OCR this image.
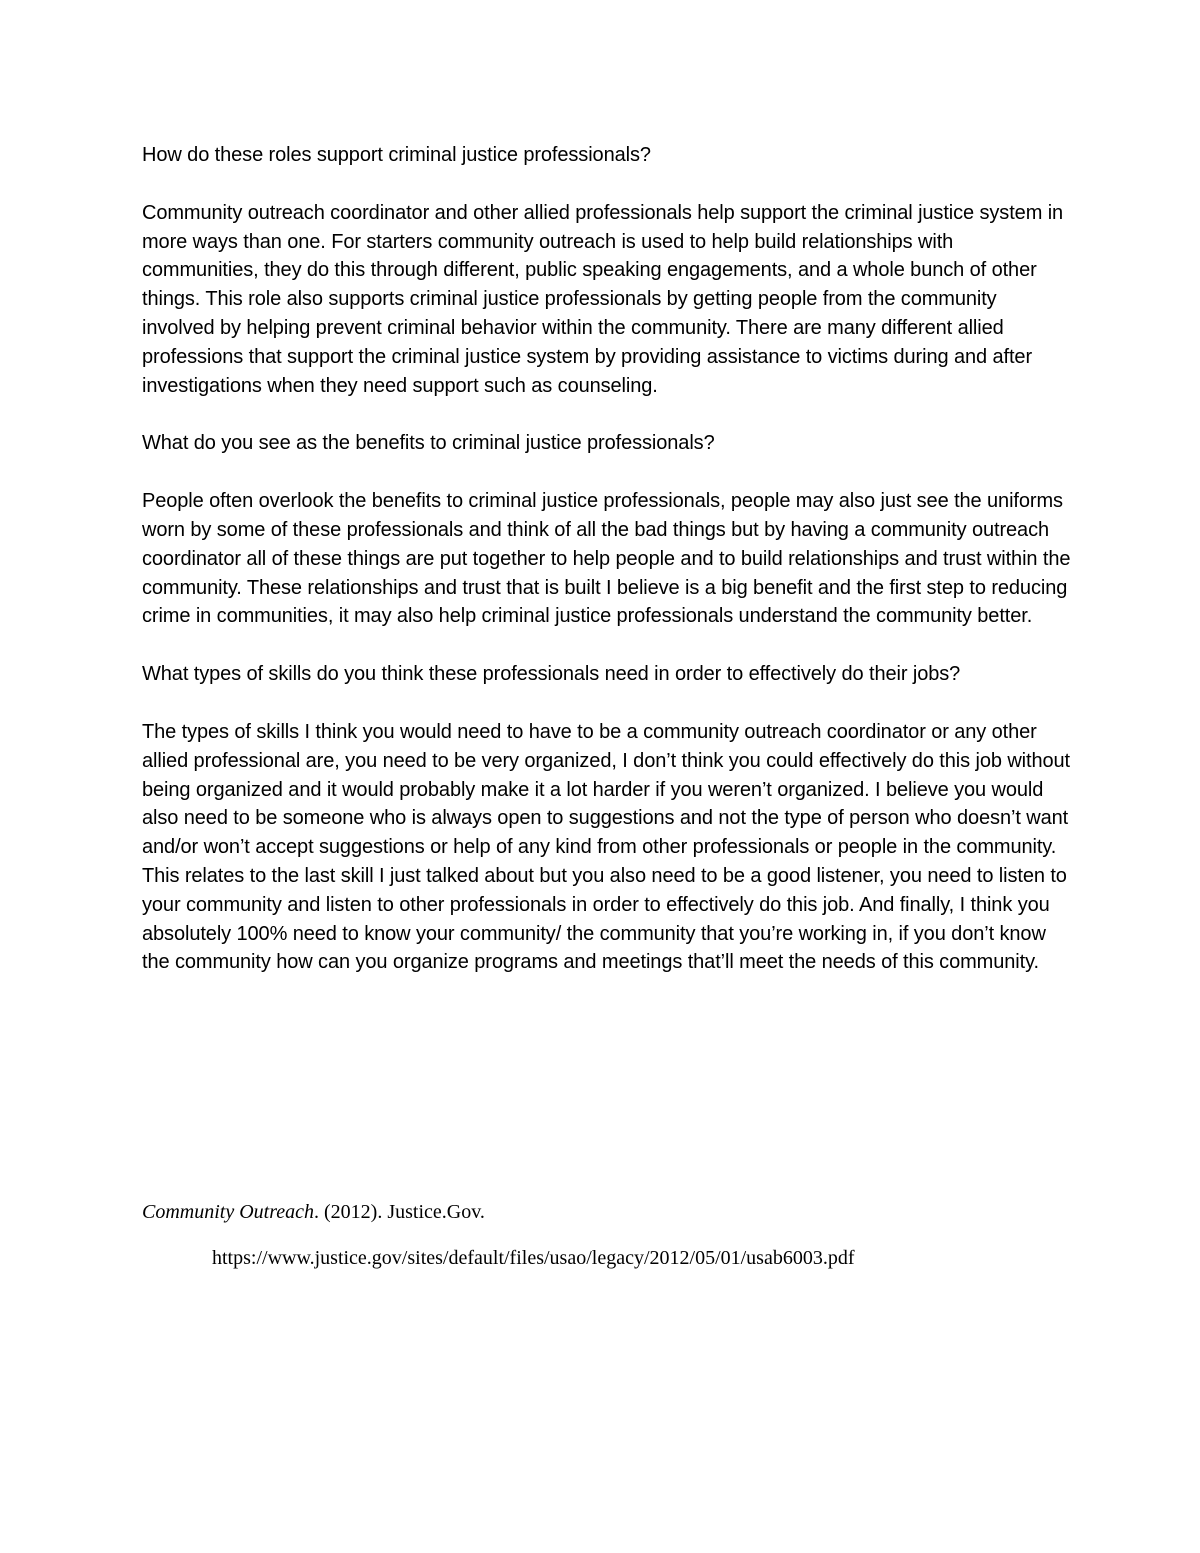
How do these roles support criminal justice professionals?

Community outreach coordinator and other allied professionals help support the criminal justice system in more ways than one. For starters community outreach is used to help build relationships with communities, they do this through different, public speaking engagements, and a whole bunch of other things. This role also supports criminal justice professionals by getting people from the community involved by helping prevent criminal behavior within the community. There are many different allied professions that support the criminal justice system by providing assistance to victims during and after investigations when they need support such as counseling.

What do you see as the benefits to criminal justice professionals?

People often overlook the benefits to criminal justice professionals, people may also just see the uniforms worn by some of these professionals and think of all the bad things but by having a community outreach coordinator all of these things are put together to help people and to build relationships and trust within the community. These relationships and trust that is built I believe is a big benefit and the first step to reducing crime in communities, it may also help criminal justice professionals understand the community better.

What types of skills do you think these professionals need in order to effectively do their jobs?

The types of skills I think you would need to have to be a community outreach coordinator or any other allied professional are, you need to be very organized, I don’t think you could effectively do this job without being organized and it would probably make it a lot harder if you weren’t organized. I believe you would also need to be someone who is always open to suggestions and not the type of person who doesn’t want and/or won’t accept suggestions or help of any kind from other professionals or people in the community. This relates to the last skill I just talked about but you also need to be a good listener, you need to listen to your community and listen to other professionals in order to effectively do this job. And finally, I think you absolutely 100% need to know your community/ the community that you’re working in, if you don’t know the community how can you organize programs and meetings that’ll meet the needs of this community.

Community Outreach. (2012). Justice.Gov.
https://www.justice.gov/sites/default/files/usao/legacy/2012/05/01/usab6003.pdf
